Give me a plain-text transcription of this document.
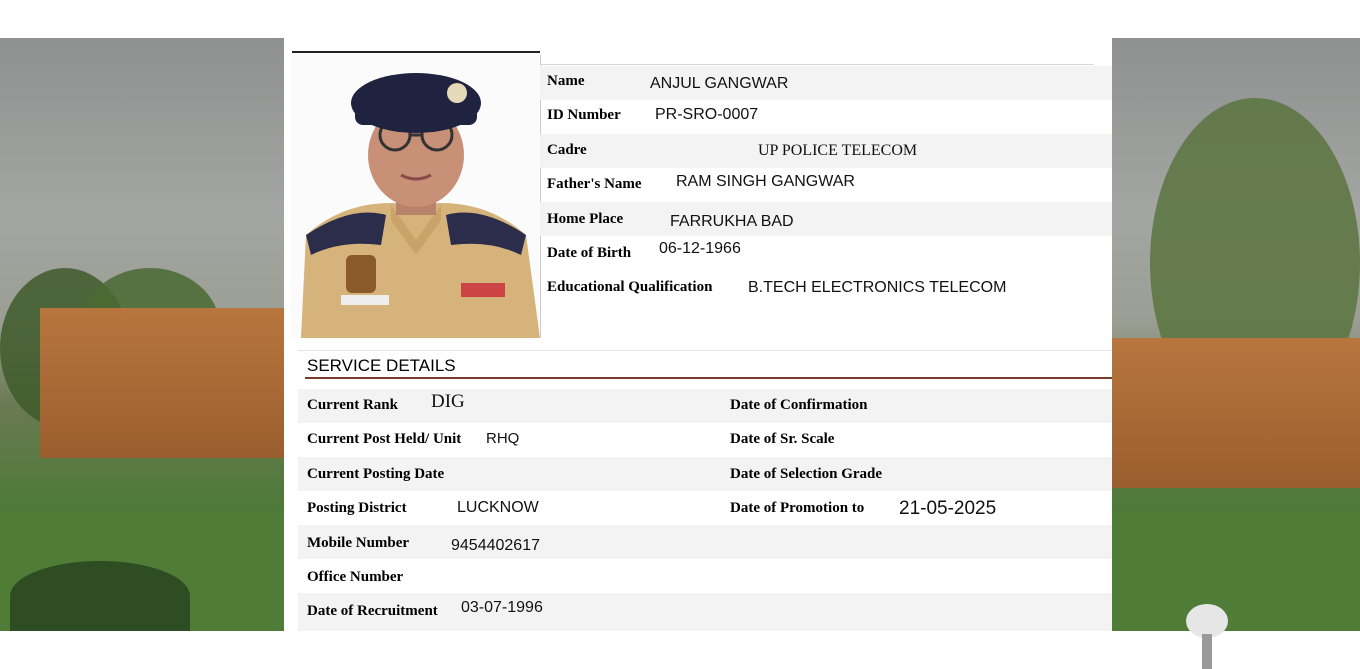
Name	ANJUL GANGWAR
ID Number PR-SRO-0007
Cadre	UP POLICE TELECOM
Father's Name RAM SINGH GANGWAR
Home Place	FARRUKHA BAD
Date of Birth 06-12-1966
Educational Qualification B.TECH ELECTRONICS TELECOM
SERVICE DETAILS
Current Rank DIG	Date of Confirmation
Current Post Held/ Unit RHQ	Date of Sr. Scale
Current Posting Date	Date of Selection Grade
Posting District	LUCKNOW	Date of Promotion to 21-05-2025
Mobile Number	9454402617
Office Number
Date of Recruitment 03-07-1996
